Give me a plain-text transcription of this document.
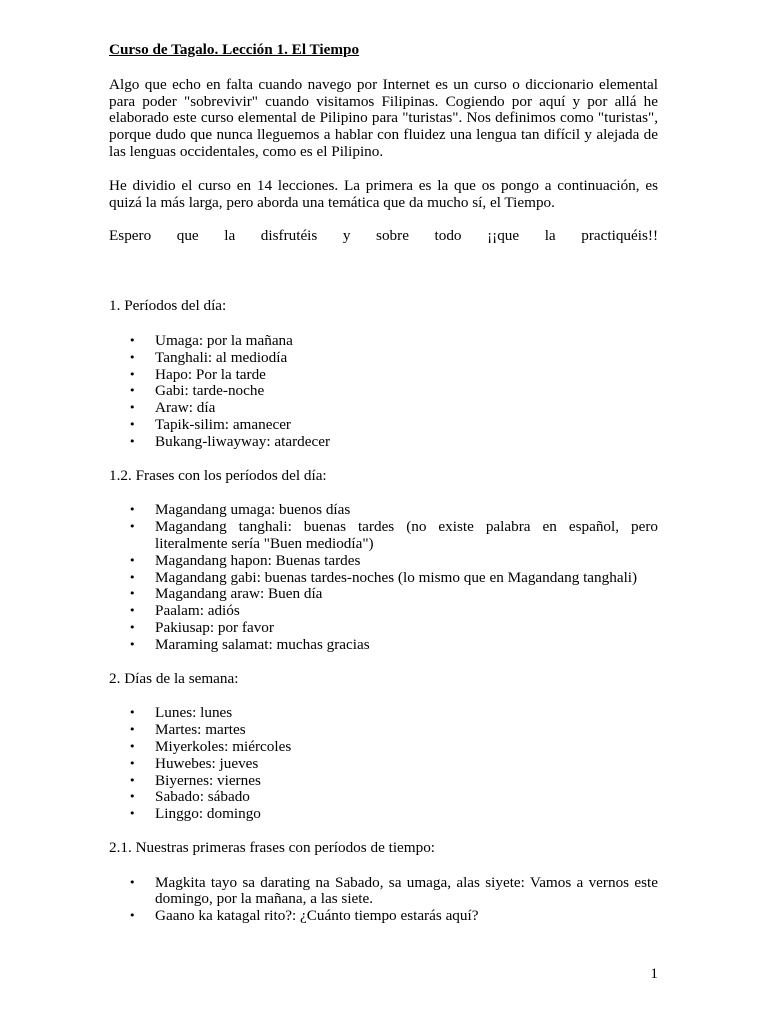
Curso de Tagalo. Lección 1. El Tiempo

Algo que echo en falta cuando navego por Internet es un curso o diccionario elemental para poder "sobrevivir" cuando visitamos Filipinas. Cogiendo por aquí y por allá he elaborado este curso elemental de Pilipino para "turistas". Nos definimos como "turistas", porque dudo que nunca lleguemos a hablar con fluidez una lengua tan difícil y alejada de las lenguas occidentales, como es el Pilipino.

He dividio el curso en 14 lecciones. La primera es la que os pongo a continuación, es quizá la más larga, pero aborda una temática que da mucho sí, el Tiempo.

Espero que la disfrutéis y sobre todo ¡¡que la practiquéis!!

1. Períodos del día:

• Umaga: por la mañana
• Tanghali: al mediodía
• Hapo: Por la tarde
• Gabi: tarde-noche
• Araw: día
• Tapik-silim: amanecer
• Bukang-liwayway: atardecer

1.2. Frases con los períodos del día:

• Magandang umaga: buenos días
• Magandang tanghali: buenas tardes (no existe palabra en español, pero literalmente sería "Buen mediodía")
• Magandang hapon: Buenas tardes
• Magandang gabi: buenas tardes-noches (lo mismo que en Magandang tanghali)
• Magandang araw: Buen día
• Paalam: adiós
• Pakiusap: por favor
• Maraming salamat: muchas gracias

2. Días de la semana:

• Lunes: lunes
• Martes: martes
• Miyerkoles: miércoles
• Huwebes: jueves
• Biyernes: viernes
• Sabado: sábado
• Linggo: domingo

2.1. Nuestras primeras frases con períodos de tiempo:

• Magkita tayo sa darating na Sabado, sa umaga, alas siyete: Vamos a vernos este domingo, por la mañana, a las siete.
• Gaano ka katagal rito?: ¿Cuánto tiempo estarás aquí?
1
